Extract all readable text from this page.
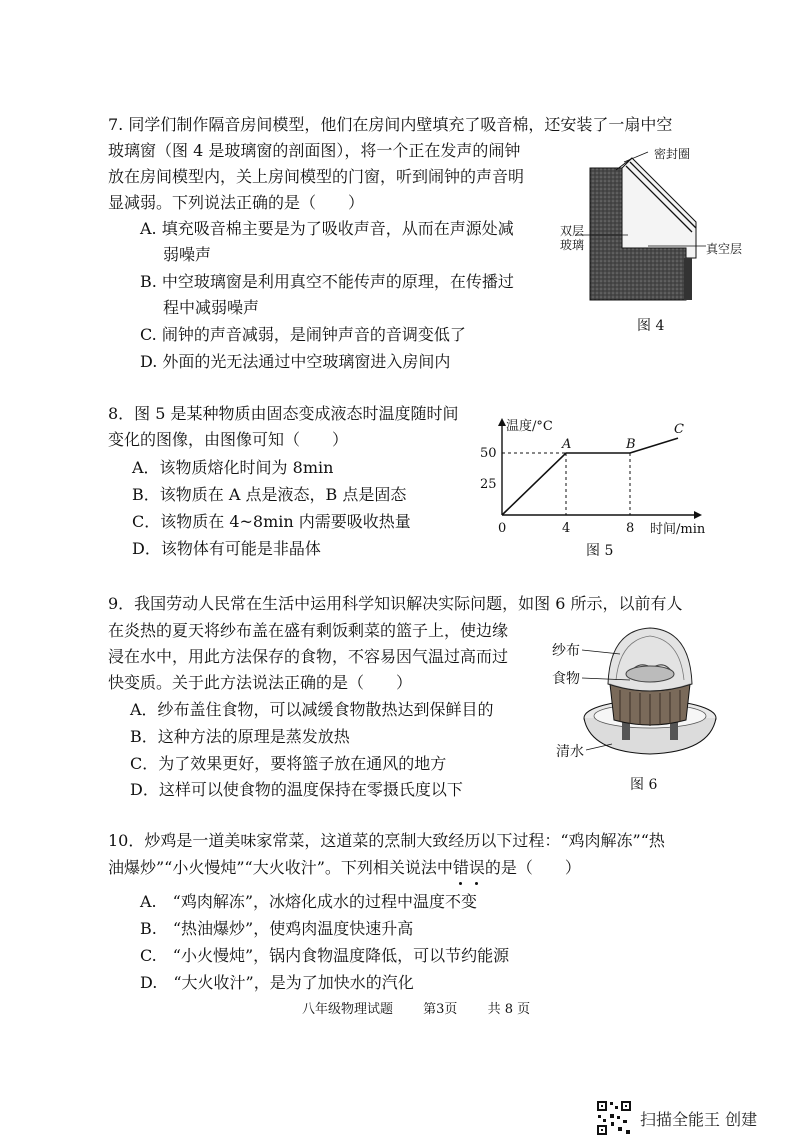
7. 同学们制作隔音房间模型，他们在房间内壁填充了吸音棉，还安装了一扇中空
玻璃窗（图 4 是玻璃窗的剖面图），将一个正在发声的闹钟
放在房间模型内，关上房间模型的门窗，听到闹钟的声音明
显减弱。下列说法正确的是（　　）
A. 填充吸音棉主要是为了吸收声音，从而在声源处减
弱噪声
B. 中空玻璃窗是利用真空不能传声的原理，在传播过
程中减弱噪声
C. 闹钟的声音减弱，是闹钟声音的音调变低了
D. 外面的光无法通过中空玻璃窗进入房间内
密封圈
双层
玻璃	真空层
图 4
8．图 5 是某种物质由固态变成液态时温度随时间
变化的图像，由图像可知（　　）
A．该物质熔化时间为 8min
B．该物质在 A 点是液态，B 点是固态
C．该物质在 4~8min 内需要吸收热量
D．该物体有可能是非晶体
温度/°C
时间/min
0	4	8
25
50
A	B
C
图 5
9．我国劳动人民常在生活中运用科学知识解决实际问题，如图 6 所示，以前有人
在炎热的夏天将纱布盖在盛有剩饭剩菜的篮子上，使边缘
浸在水中，用此方法保存的食物，不容易因气温过高而过
快变质。关于此方法说法正确的是（　　）
A．纱布盖住食物，可以减缓食物散热达到保鲜目的
B．这种方法的原理是蒸发放热
C．为了效果更好，要将篮子放在通风的地方
D．这样可以使食物的温度保持在零摄氏度以下
纱布
食物
清水
图 6
10．炒鸡是一道美味家常菜，这道菜的烹制大致经历以下过程：“鸡肉解冻”“热
油爆炒”“小火慢炖”“大火收汁”。下列相关说法中错误
的是（　　）
A.　“鸡肉解冻”，冰熔化成水的过程中温度不变
B.　“热油爆炒”，使鸡肉温度快速升高
C.　“小火慢炖”，锅内食物温度降低，可以节约能源
D.　“大火收汁”，是为了加快水的汽化
八年级物理试题 第3页 共 8 页
扫描全能王 创建
